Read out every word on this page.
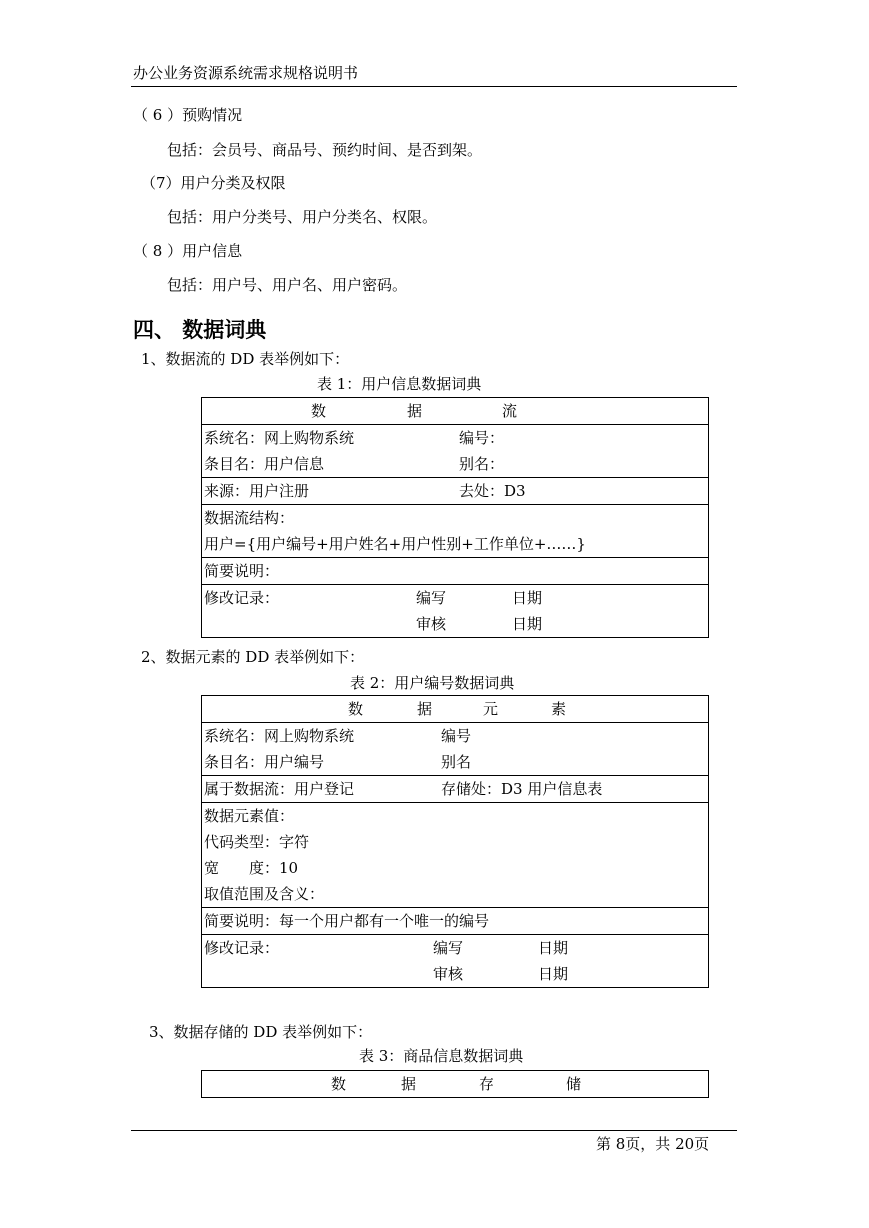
办公业务资源系统需求规格说明书
（ 6 ）预购情况
包括：会员号、商品号、预约时间、是否到架。
（7）用户分类及权限
包括：用户分类号、用户分类名、权限。
（ 8 ）用户信息
包括：用户号、用户名、用户密码。
四、 数据词典
1、数据流的 DD 表举例如下：
表 1：用户信息数据词典
数	据	流

系统名：网上购物系统	编号：
条目名：用户信息	别名：

来源：用户注册	去处：D3

数据流结构：
用户={用户编号+用户姓名+用户性别+工作单位+……}

简要说明：

修改记录：	编写	日期
审核	日期
2、数据元素的 DD 表举例如下：
表 2：用户编号数据词典
数	据	元	素

系统名：网上购物系统	编号
条目名：用户编号	别名

属于数据流：用户登记	存储处：D3 用户信息表

数据元素值：
代码类型：字符
宽　　度：10
取值范围及含义：

简要说明：每一个用户都有一个唯一的编号

修改记录：	编写	日期
审核	日期
3、数据存储的 DD 表举例如下：
表 3：商品信息数据词典
数	据	存	储
第 8页，共 20页
